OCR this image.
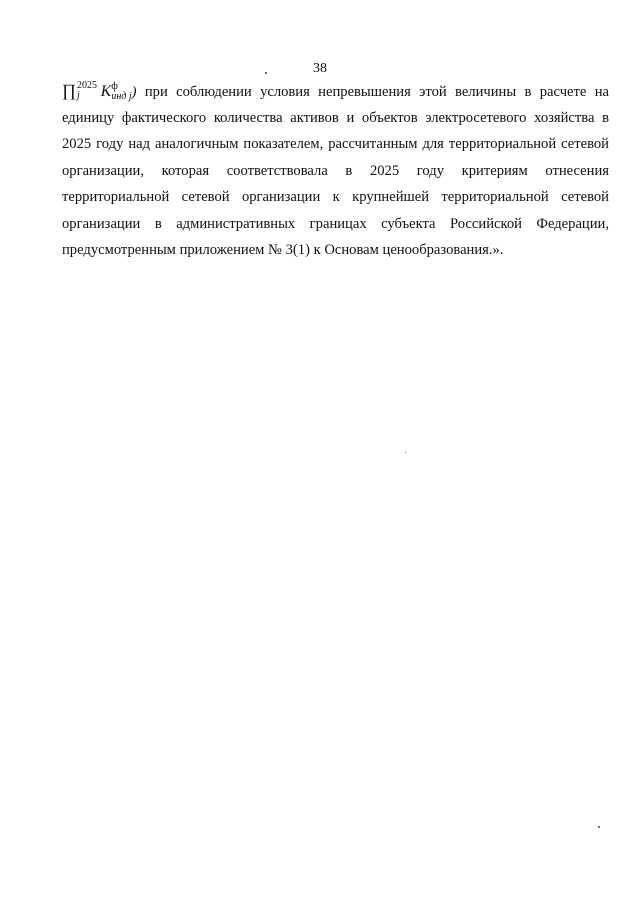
38
∏ 2025
j	K ф
инд j ) при соблюдении условия непревышения этой величины в расчете на
единицу фактического количества активов и объектов электросетевого хозяйства в
2025 году над аналогичным показателем, рассчитанным для территориальной сетевой
организации, которая соответствовала в 2025 году критериям отнесения
территориальной сетевой организации к крупнейшей территориальной сетевой
организации в административных границах субъекта Российской Федерации,
предусмотренным приложением № 3(1) к Основам ценообразования.».
